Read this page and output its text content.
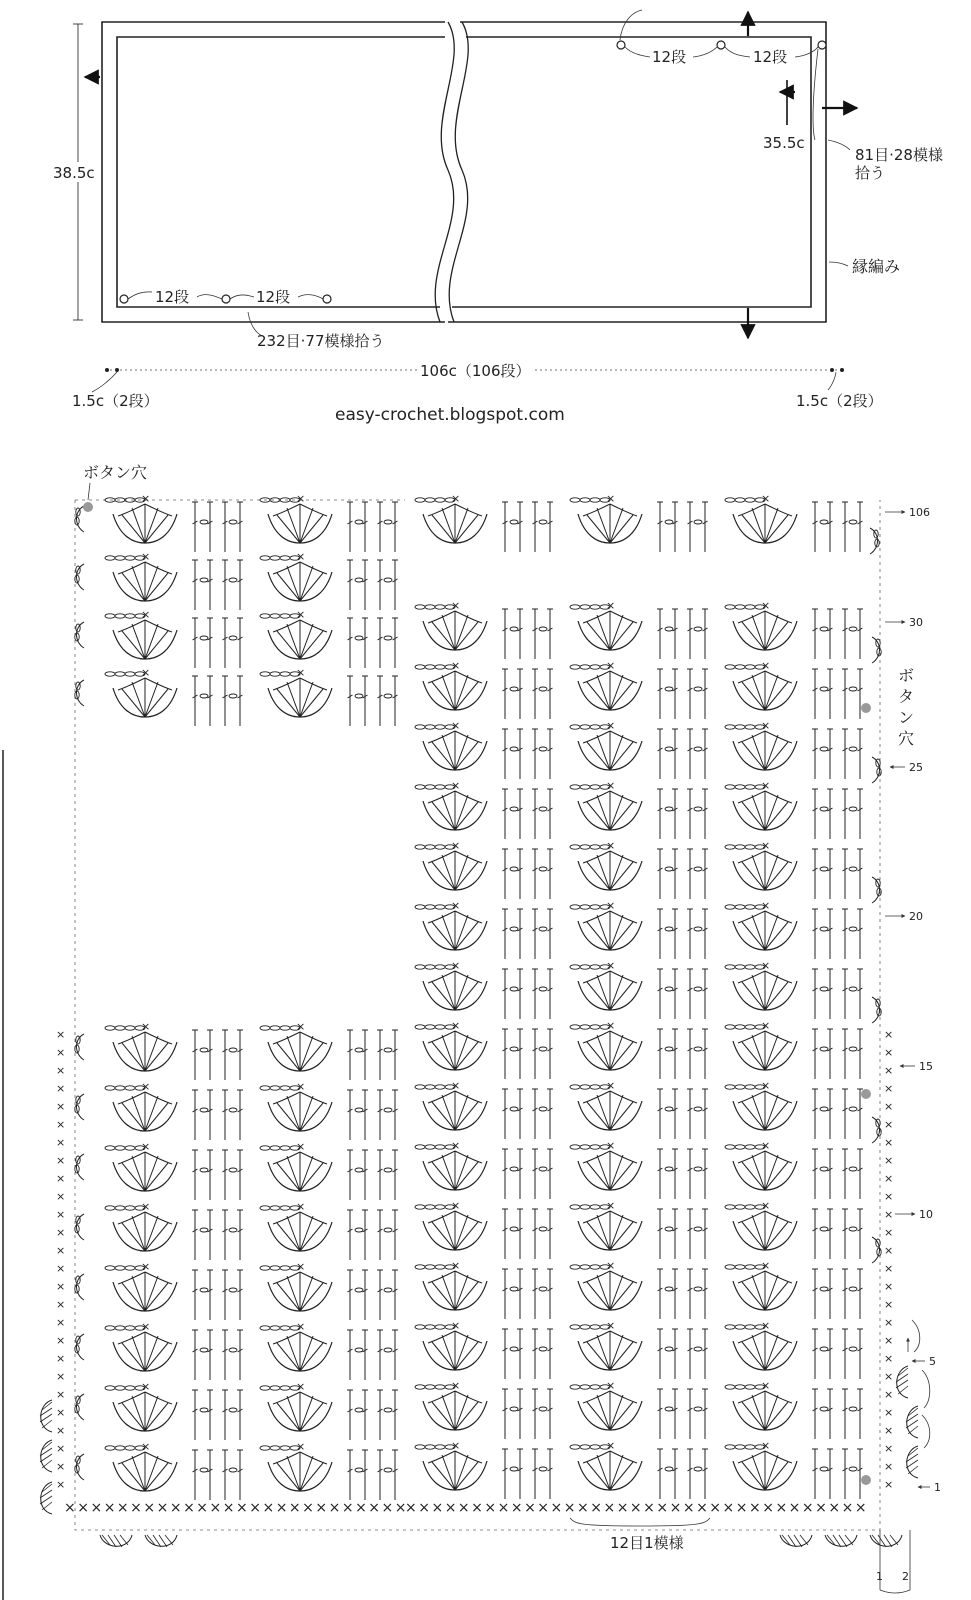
38.5c
12段	12段
12段	12段
232目·77模様拾う
35.5c
81目·28模様
拾う
縁編み
106c（106段）
1.5c（2段）	1.5c（2段）
easy-crochet.blogspot.com
×
×
×
×
×
×
×
×
×
×
×
×
×
×
×
×
×
×
×
×
×
×
×
×
×
×
×
×
×
×
×
×
×
×
×
×
×
×
×
×
×
×
×
×
×
×
×
×
×
×
×
×
××××××××××××××××××××××××××
×××××××××××××××××××××××××××××××××××
ボタン穴
ボ
タ
ン
穴
106
30
25
20
15
10
5
1
12目1模様
1 2
